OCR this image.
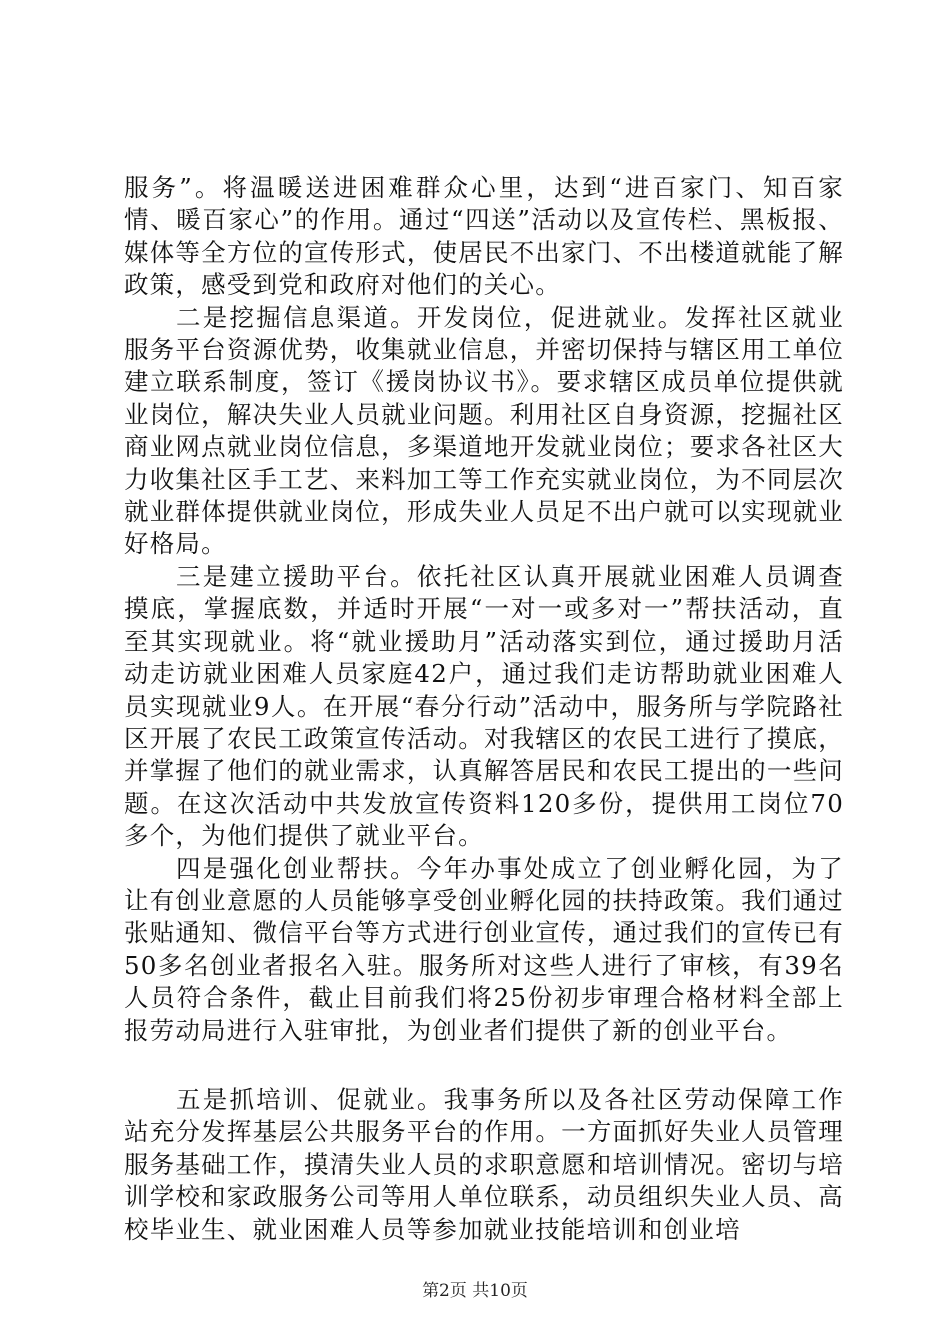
服务”。将温暖送进困难群众心里，达到“进百家门、知百家情、暖百家心”的作用。通过“四送”活动以及宣传栏、黑板报、媒体等全方位的宣传形式，使居民不出家门、不出楼道就能了解政策，感受到党和政府对他们的关心。

二是挖掘信息渠道。开发岗位，促进就业。发挥社区就业服务平台资源优势，收集就业信息，并密切保持与辖区用工单位建立联系制度，签订《援岗协议书》。要求辖区成员单位提供就业岗位，解决失业人员就业问题。利用社区自身资源，挖掘社区商业网点就业岗位信息，多渠道地开发就业岗位；要求各社区大力收集社区手工艺、来料加工等工作充实就业岗位，为不同层次就业群体提供就业岗位，形成失业人员足不出户就可以实现就业好格局。

三是建立援助平台。依托社区认真开展就业困难人员调查摸底，掌握底数，并适时开展“一对一或多对一”帮扶活动，直至其实现就业。将“就业援助月”活动落实到位，通过援助月活动走访就业困难人员家庭42户，通过我们走访帮助就业困难人员实现就业9人。在开展“春分行动”活动中，服务所与学院路社区开展了农民工政策宣传活动。对我辖区的农民工进行了摸底，并掌握了他们的就业需求，认真解答居民和农民工提出的一些问题。在这次活动中共发放宣传资料120多份，提供用工岗位70多个，为他们提供了就业平台。

四是强化创业帮扶。今年办事处成立了创业孵化园，为了让有创业意愿的人员能够享受创业孵化园的扶持政策。我们通过张贴通知、微信平台等方式进行创业宣传，通过我们的宣传已有50多名创业者报名入驻。服务所对这些人进行了审核，有39名人员符合条件，截止目前我们将25份初步审理合格材料全部上报劳动局进行入驻审批，为创业者们提供了新的创业平台。

五是抓培训、促就业。我事务所以及各社区劳动保障工作站充分发挥基层公共服务平台的作用。一方面抓好失业人员管理服务基础工作，摸清失业人员的求职意愿和培训情况。密切与培训学校和家政服务公司等用人单位联系，动员组织失业人员、高校毕业生、就业困难人员等参加就业技能培训和创业培

第2页 共10页
